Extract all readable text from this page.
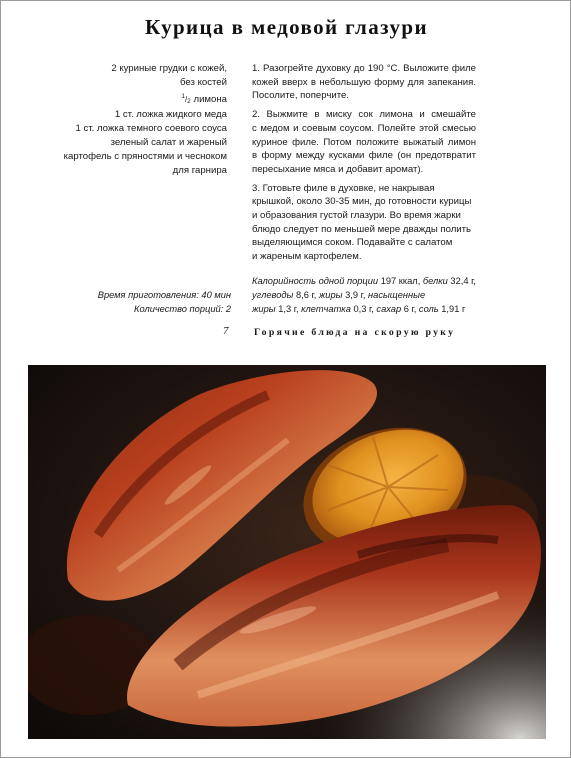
Курица в медовой глазури
2 куриные грудки с кожей,
без костей
$^1/_2$ лимона
1 ст. ложка жидкого меда
1 ст. ложка темного соевого соуса
зеленый салат и жареный
картофель с пряностями и чесноком
для гарнира
1. Разогрейте духовку до 190 °С. Выложите филе
кожей вверх в небольшую форму для запекания.
Посолите, поперчите.
2. Выжмите в миску сок лимона и смешайте
с медом и соевым соусом. Полейте этой смесью
куриное филе. Потом положите выжатый лимон
в форму между кусками филе (он предотвратит
пересыхание мяса и добавит аромат).
3. Готовьте филе в духовке, не накрывая
крышкой, около 30-35 мин, до готовности курицы
и образования густой глазури. Во время жарки
блюдо следует по меньшей мере дважды полить
выделяющимся соком. Подавайте с салатом
и жареным картофелем.
Калорийность одной порции 197 ккал, белки 32,4 г,
углеводы 8,6 г, жиры 3,9 г, насыщенные
жиры 1,3 г, клетчатка 0,3 г, сахар 6 г, соль 1,91 г
Время приготовления: 40 мин
Количество порций: 2
7	Горячие блюда на скорую руку
